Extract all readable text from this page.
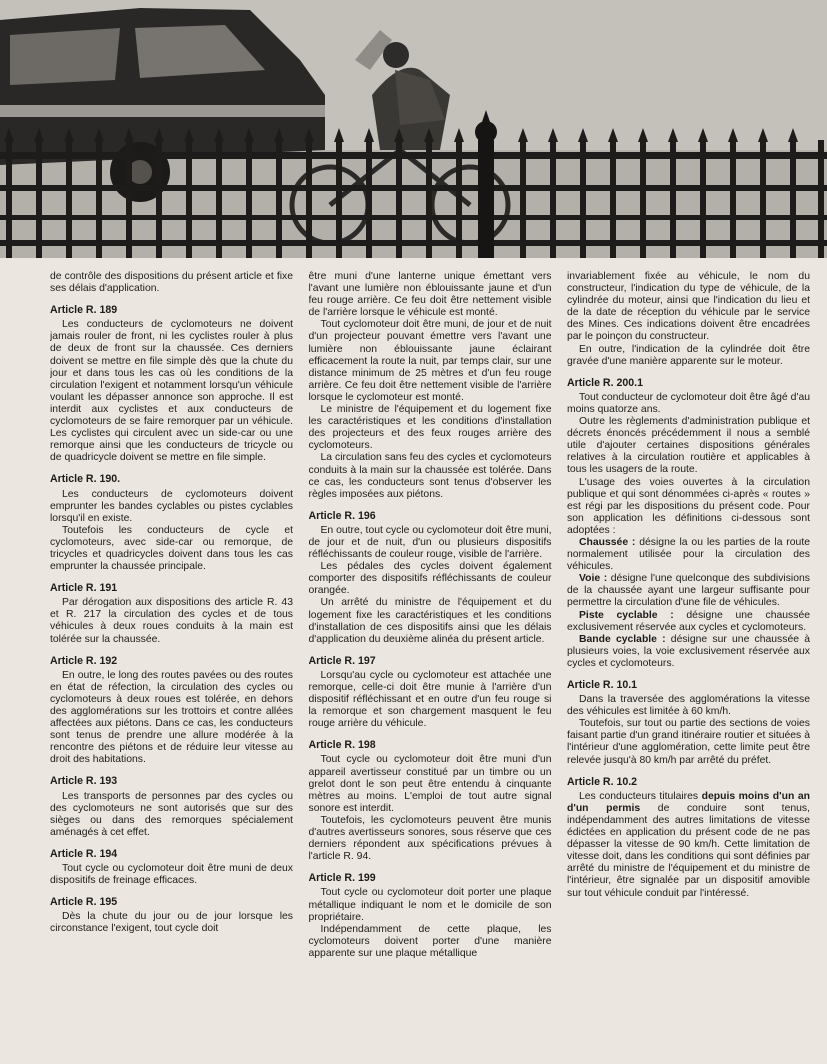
de contrôle des dispositions du présent article et fixe ses délais d'application.

Article R. 189

Les conducteurs de cyclomoteurs ne doivent jamais rouler de front, ni les cyclistes rouler à plus de deux de front sur la chaussée. Ces derniers doivent se mettre en file simple dès que la chute du jour et dans tous les cas où les conditions de la circulation l'exigent et notamment lorsqu'un véhicule voulant les dépasser annonce son approche. Il est interdit aux cyclistes et aux conducteurs de cyclomoteurs de se faire remorquer par un véhicule. Les cyclistes qui circulent avec un side-car ou une remorque ainsi que les conducteurs de tricycle ou de quadricycle doivent se mettre en file simple.

Article R. 190.

Les conducteurs de cyclomoteurs doivent emprunter les bandes cyclables ou pistes cyclables lorsqu'il en existe.

Toutefois les conducteurs de cycle et cyclomoteurs, avec side-car ou remorque, de tricycles et quadricycles doivent dans tous les cas emprunter la chaussée principale.

Article R. 191

Par dérogation aux dispositions des article R. 43 et R. 217 la circulation des cycles et de tous véhicules à deux roues conduits à la main est tolérée sur la chaussée.

Article R. 192

En outre, le long des routes pavées ou des routes en état de réfection, la circulation des cycles ou cyclomoteurs à deux roues est tolérée, en dehors des agglomérations sur les trottoirs et contre allées affectées aux piétons. Dans ce cas, les conducteurs sont tenus de prendre une allure modérée à la rencontre des piétons et de réduire leur vitesse au droit des habitations.

Article R. 193

Les transports de personnes par des cycles ou des cyclomoteurs ne sont autorisés que sur des sièges ou dans des remorques spécialement aménagés à cet effet.

Article R. 194

Tout cycle ou cyclomoteur doit être muni de deux dispositifs de freinage efficaces.

Article R. 195

Dès la chute du jour ou de jour lorsque les circonstance l'exigent, tout cycle doit

être muni d'une lanterne unique émettant vers l'avant une lumière non éblouissante jaune et d'un feu rouge arrière. Ce feu doit être nettement visible de l'arrière lorsque le véhicule est monté.

Tout cyclomoteur doit être muni, de jour et de nuit d'un projecteur pouvant émettre vers l'avant une lumière non éblouissante jaune éclairant efficacement la route la nuit, par temps clair, sur une distance minimum de 25 mètres et d'un feu rouge arrière. Ce feu doit être nettement visible de l'arrière lorsque le cyclomoteur est monté.

Le ministre de l'équipement et du logement fixe les caractéristiques et les conditions d'installation des projecteurs et des feux rouges arrière des cyclomoteurs.

La circulation sans feu des cycles et cyclomoteurs conduits à la main sur la chaussée est tolérée. Dans ce cas, les conducteurs sont tenus d'observer les règles imposées aux piétons.

Article R. 196

En outre, tout cycle ou cyclomoteur doit être muni, de jour et de nuit, d'un ou plusieurs dispositifs réfléchissants de couleur rouge, visible de l'arrière.

Les pédales des cycles doivent également comporter des dispositifs réfléchissants de couleur orangée.

Un arrêté du ministre de l'équipement et du logement fixe les caractéristiques et les conditions d'installation de ces dispositifs ainsi que les délais d'application du deuxième alinéa du présent article.

Article R. 197

Lorsqu'au cycle ou cyclomoteur est attachée une remorque, celle-ci doit être munie à l'arrière d'un dispositif réfléchissant et en outre d'un feu rouge si la remorque et son chargement masquent le feu rouge arrière du véhicule.

Article R. 198

Tout cycle ou cyclomoteur doit être muni d'un appareil avertisseur constitué par un timbre ou un grelot dont le son peut être entendu à cinquante mètres au moins. L'emploi de tout autre signal sonore est interdit.

Toutefois, les cyclomoteurs peuvent être munis d'autres avertisseurs sonores, sous réserve que ces derniers répondent aux spécifications prévues à l'article R. 94.

Article R. 199

Tout cycle ou cyclomoteur doit porter une plaque métallique indiquant le nom et le domicile de son propriétaire.

Indépendamment de cette plaque, les cyclomoteurs doivent porter d'une manière apparente sur une plaque métallique

invariablement fixée au véhicule, le nom du constructeur, l'indication du type de véhicule, de la cylindrée du moteur, ainsi que l'indication du lieu et de la date de réception du véhicule par le service des Mines. Ces indications doivent être encadrées par le poinçon du constructeur.

En outre, l'indication de la cylindrée doit être gravée d'une manière apparente sur le moteur.

Article R. 200.1

Tout conducteur de cyclomoteur doit être âgé d'au moins quatorze ans.

Outre les règlements d'administration publique et décrets énoncés précédemment il nous a semblé utile d'ajouter certaines dispositions générales relatives à la circulation routière et applicables à tous les usagers de la route.

L'usage des voies ouvertes à la circulation publique et qui sont dénommées ci-après « routes » est régi par les dispositions du présent code. Pour son application les définitions ci-dessous sont adoptées :

Chaussée : désigne la ou les parties de la route normalement utilisée pour la circulation des véhicules.

Voie : désigne l'une quelconque des subdivisions de la chaussée ayant une largeur suffisante pour permettre la circulation d'une file de véhicules.

Piste cyclable : désigne une chaussée exclusivement réservée aux cycles et cyclomoteurs.

Bande cyclable : désigne sur une chaussée à plusieurs voies, la voie exclusivement réservée aux cycles et cyclomoteurs.

Article R. 10.1

Dans la traversée des agglomérations la vitesse des véhicules est limitée à 60 km/h.

Toutefois, sur tout ou partie des sections de voies faisant partie d'un grand itinéraire routier et situées à l'intérieur d'une agglomération, cette limite peut être relevée jusqu'à 80 km/h par arrêté du préfet.

Article R. 10.2

Les conducteurs titulaires depuis moins d'un an d'un permis de conduire sont tenus, indépendamment des autres limitations de vitesse édictées en application du présent code de ne pas dépasser la vitesse de 90 km/h. Cette limitation de vitesse doit, dans les conditions qui sont définies par arrêté du ministre de l'équipement et du ministre de l'intérieur, être signalée par un dispositif amovible sur tout véhicule conduit par l'intéressé.
